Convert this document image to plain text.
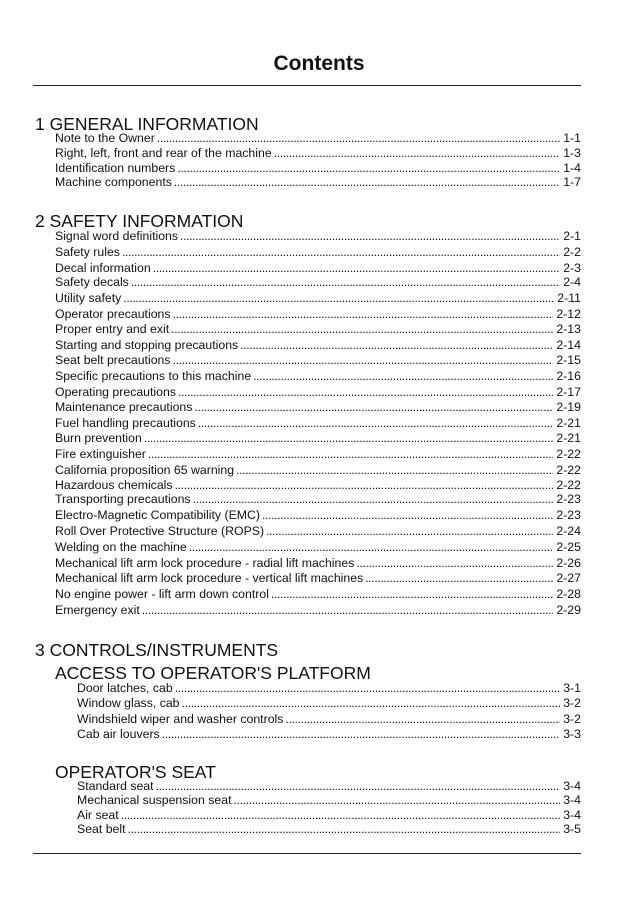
Contents
1 GENERAL INFORMATION
Note to the Owner . . .	1-1
Right, left, front and rear of the machine . . .	1-3
Identification numbers . . .	1-4
Machine components . . .	1-7
2 SAFETY INFORMATION
Signal word definitions . . .	2-1
Safety rules . . .	2-2
Decal information . . .	2-3
Safety decals . . .	2-4
Utility safety . . .	2-11
Operator precautions . . .	2-12
Proper entry and exit . . .	2-13
Starting and stopping precautions . . .	2-14
Seat belt precautions . . .	2-15
Specific precautions to this machine . . .	2-16
Operating precautions . . .	2-17
Maintenance precautions . . .	2-19
Fuel handling precautions . . .	2-21
Burn prevention . . .	2-21
Fire extinguisher . . .	2-22
California proposition 65 warning . . .	2-22
Hazardous chemicals . . .	2-22
Transporting precautions . . .	2-23
Electro-Magnetic Compatibility (EMC) . . .	2-23
Roll Over Protective Structure (ROPS) . . .	2-24
Welding on the machine . . .	2-25
Mechanical lift arm lock procedure - radial lift machines . . .	2-26
Mechanical lift arm lock procedure - vertical lift machines . . .	2-27
No engine power - lift arm down control . . .	2-28
Emergency exit . . .	2-29
3 CONTROLS/INSTRUMENTS
ACCESS TO OPERATOR'S PLATFORM
Door latches, cab . . .	3-1
Window glass, cab . . .	3-2
Windshield wiper and washer controls . . .	3-2
Cab air louvers . . .	3-3
OPERATOR'S SEAT
Standard seat . . .	3-4
Mechanical suspension seat . . .	3-4
Air seat . . .	3-4
Seat belt . . .	3-5
